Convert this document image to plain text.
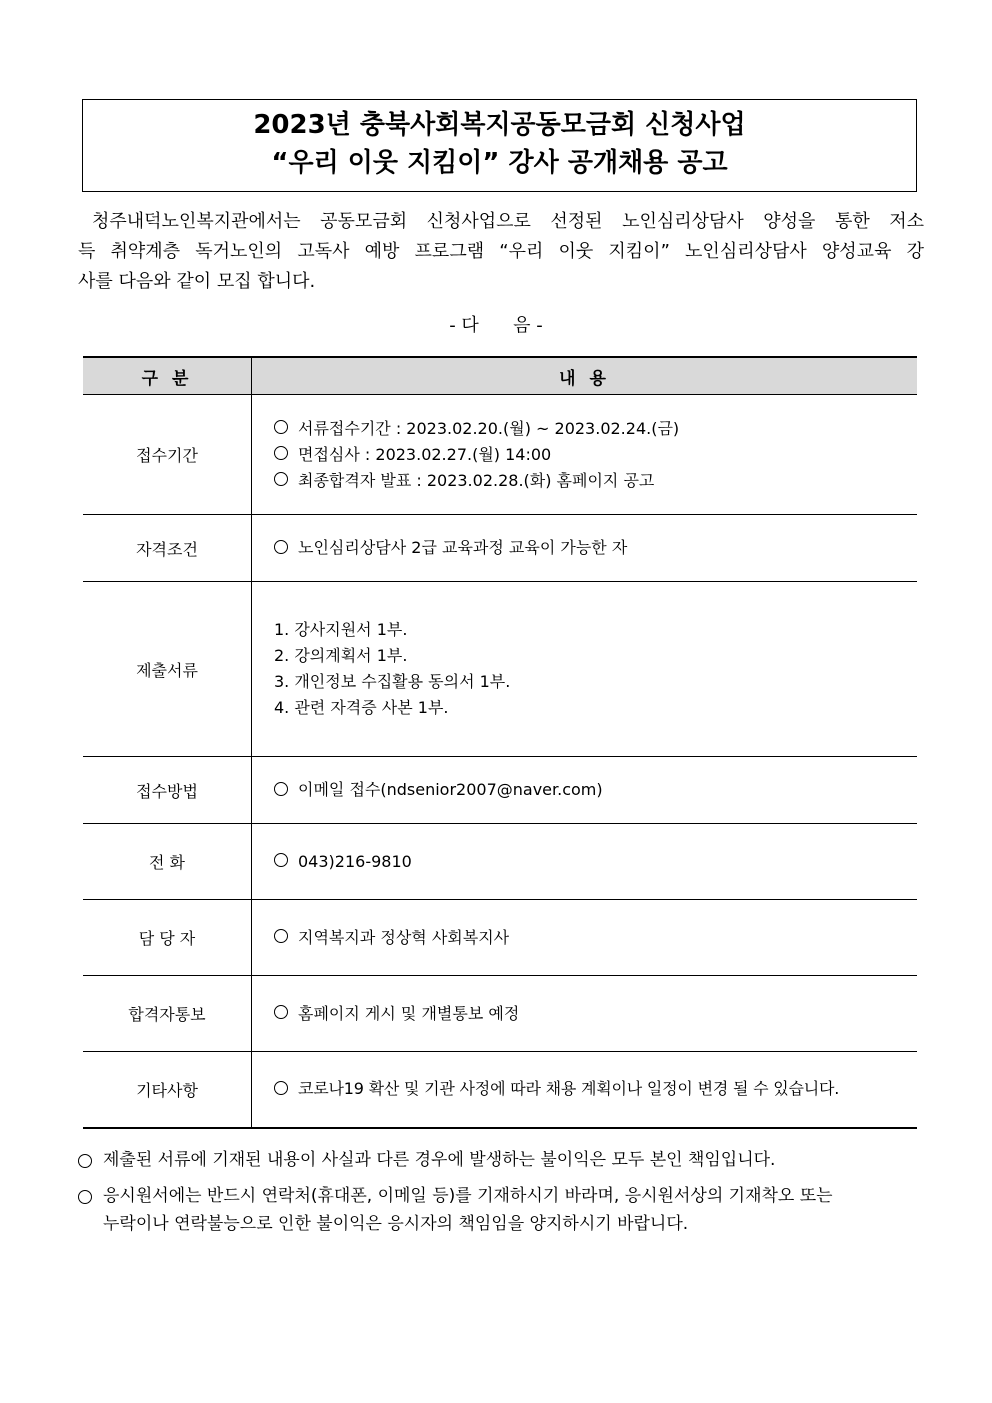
2023년 충북사회복지공동모금회 신청사업
“우리 이웃 지킴이” 강사 공개채용 공고
청주내덕노인복지관에서는 공동모금회 신청사업으로 선정된 노인심리상담사 양성을 통한 저소
득 취약계층 독거노인의 고독사 예방 프로그램 “우리 이웃 지킴이” 노인심리상담사 양성교육 강
사를 다음와 같이 모집 합니다.
- 다      음 -
구 분	내 용
접수기간	서류접수기간 : 2023.02.20.(월) ~ 2023.02.24.(금)
면접심사 : 2023.02.27.(월) 14:00
최종합격자 발표 : 2023.02.28.(화) 홈페이지 공고

자격조건	노인심리상담사 2급 교육과정 교육이 가능한 자

제출서류	1. 강사지원서 1부.
2. 강의계획서 1부.
3. 개인정보 수집활용 동의서 1부.
4. 관련 자격증 사본 1부.

접수방법	이메일 접수(ndsenior2007@naver.com)

전 화	043)216-9810

담 당 자	지역복지과 정상혁 사회복지사

합격자통보	홈페이지 게시 및 개별통보 예정

기타사항	코로나19 확산 및 기관 사정에 따라 채용 계획이나 일정이 변경 될 수 있습니다.
제출된 서류에 기재된 내용이 사실과 다른 경우에 발생하는 불이익은 모두 본인 책임입니다.
응시원서에는 반드시 연락처(휴대폰, 이메일 등)를 기재하시기 바라며, 응시원서상의 기재착오 또는
누락이나 연락불능으로 인한 불이익은 응시자의 책임임을 양지하시기 바랍니다.
